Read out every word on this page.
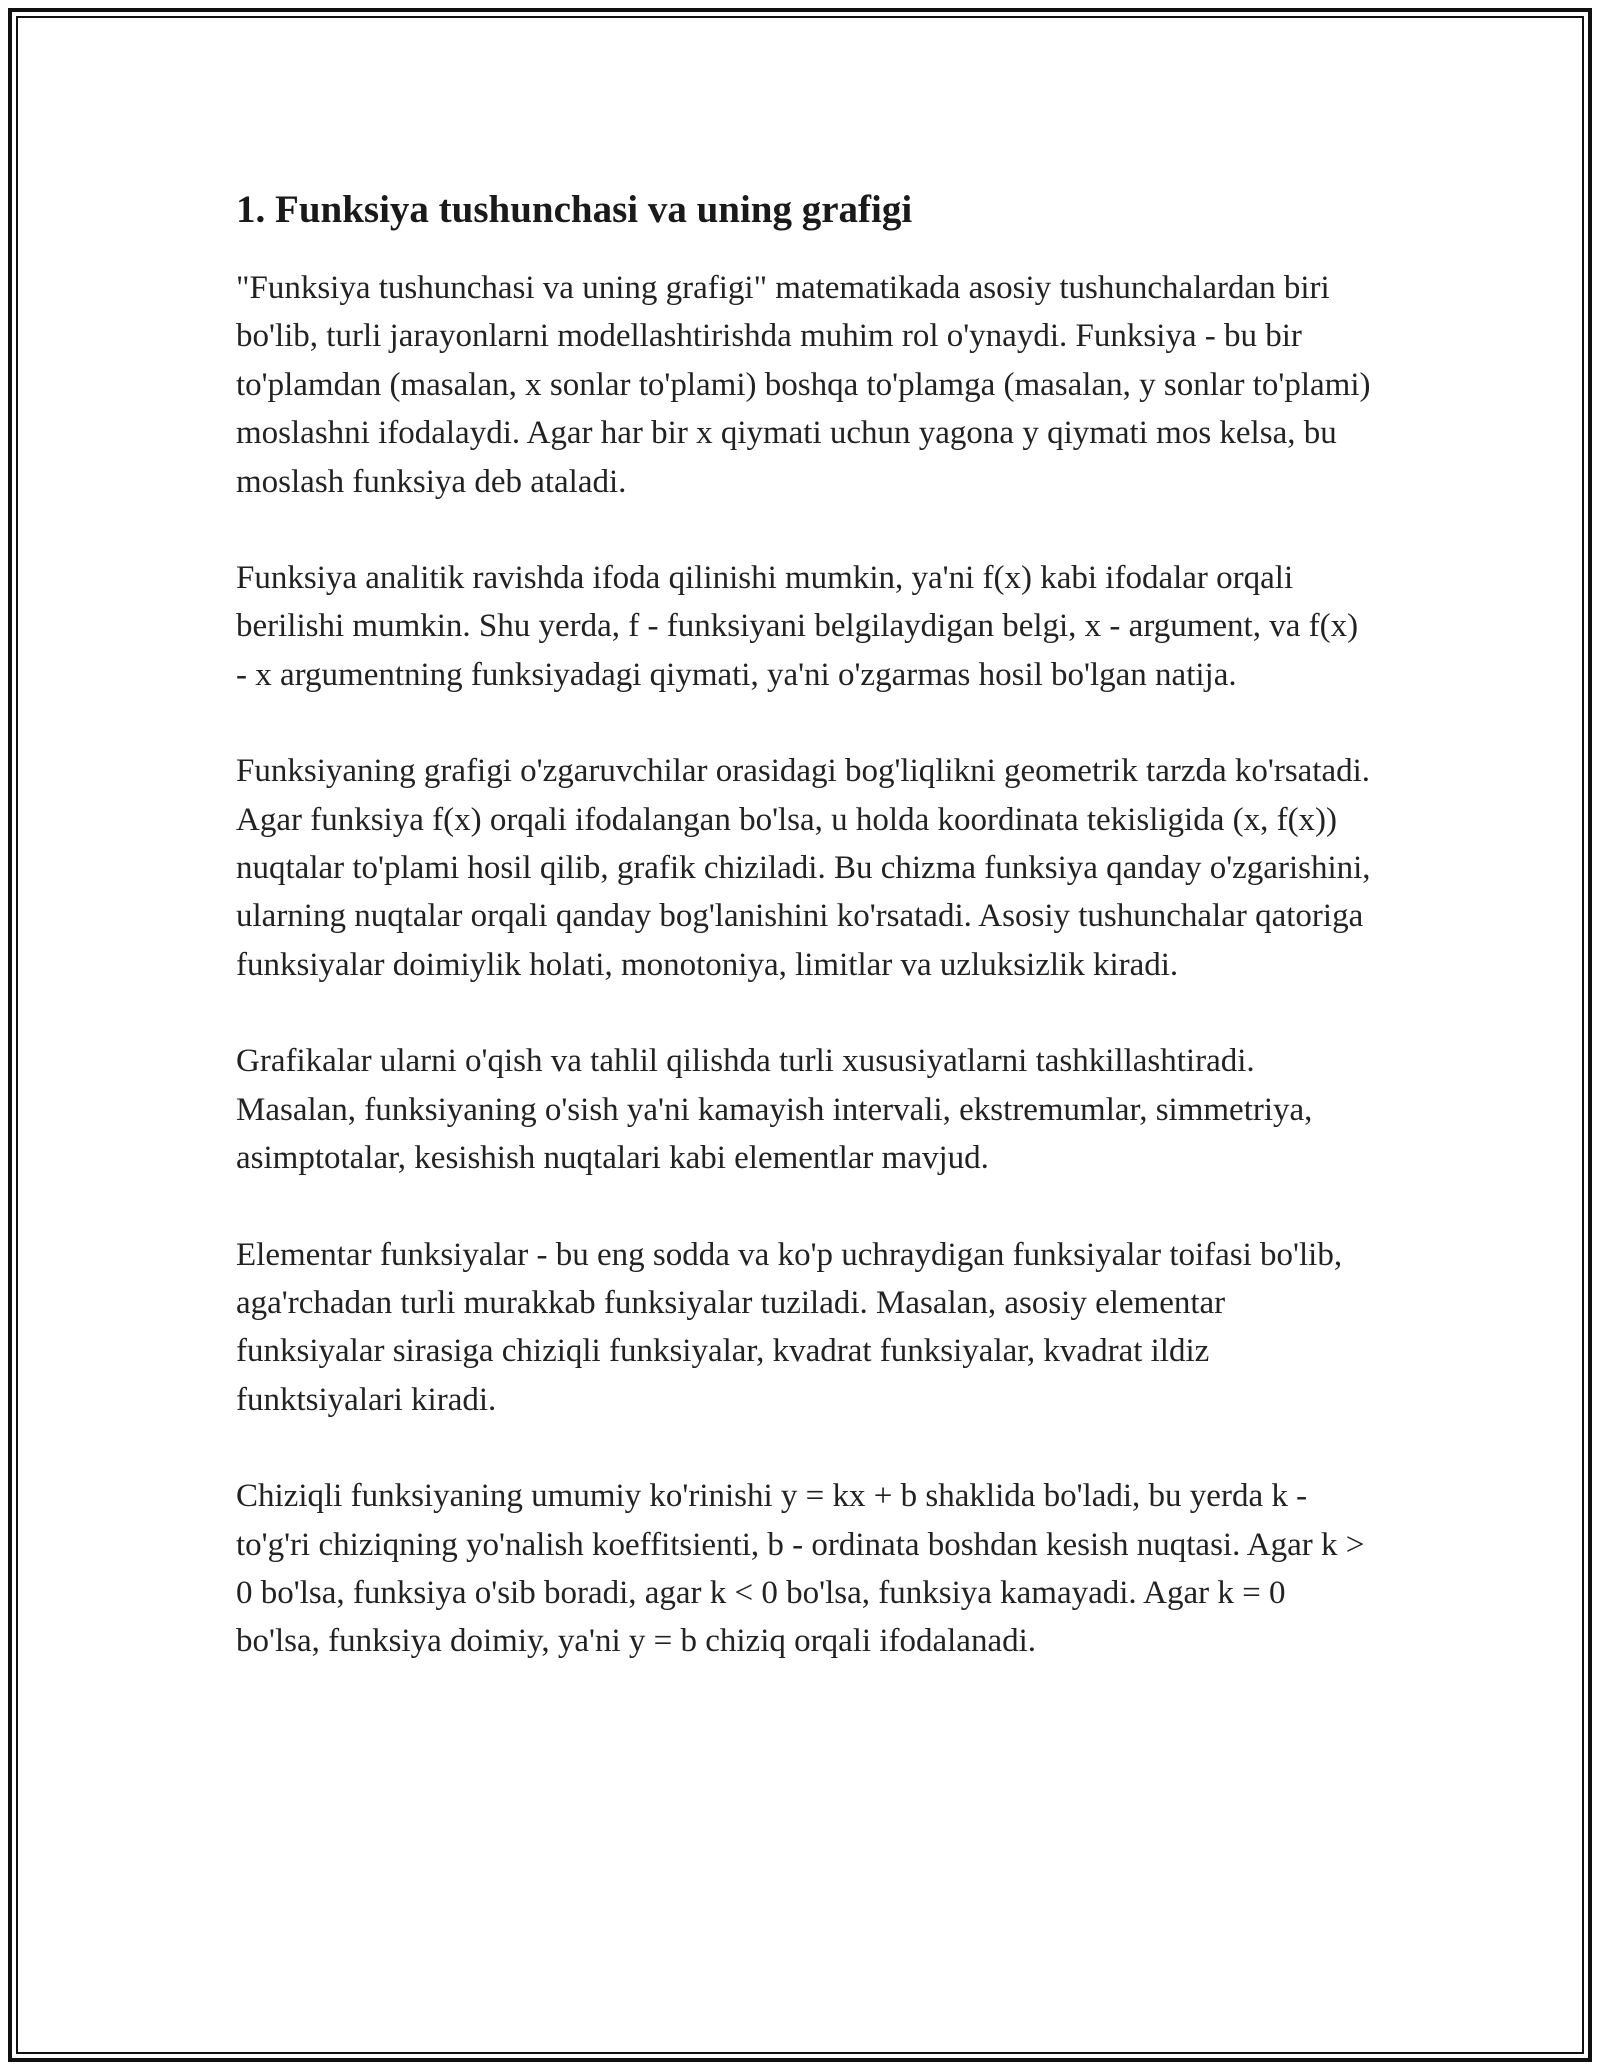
1. Funksiya tushunchasi va uning grafigi

"Funksiya tushunchasi va uning grafigi" matematikada asosiy tushunchalardan biri bo'lib, turli jarayonlarni modellashtirishda muhim rol o'ynaydi. Funksiya - bu bir to'plamdan (masalan, x sonlar to'plami) boshqa to'plamga (masalan, y sonlar to'plami) moslashni ifodalaydi. Agar har bir x qiymati uchun yagona y qiymati mos kelsa, bu moslash funksiya deb ataladi.

Funksiya analitik ravishda ifoda qilinishi mumkin, ya'ni f(x) kabi ifodalar orqali berilishi mumkin. Shu yerda, f - funksiyani belgilaydigan belgi, x - argument, va f(x) - x argumentning funksiyadagi qiymati, ya'ni o'zgarmas hosil bo'lgan natija.

Funksiyaning grafigi o'zgaruvchilar orasidagi bog'liqlikni geometrik tarzda ko'rsatadi. Agar funksiya f(x) orqali ifodalangan bo'lsa, u holda koordinata tekisligida (x, f(x)) nuqtalar to'plami hosil qilib, grafik chiziladi. Bu chizma funksiya qanday o'zgarishini, ularning nuqtalar orqali qanday bog'lanishini ko'rsatadi. Asosiy tushunchalar qatoriga funksiyalar doimiylik holati, monotoniya, limitlar va uzluksizlik kiradi.

Grafikalar ularni o'qish va tahlil qilishda turli xususiyatlarni tashkillashtiradi. Masalan, funksiyaning o'sish ya'ni kamayish intervali, ekstremumlar, simmetriya, asimptotalar, kesishish nuqtalari kabi elementlar mavjud.

Elementar funksiyalar - bu eng sodda va ko'p uchraydigan funksiyalar toifasi bo'lib, aga'rchadan turli murakkab funksiyalar tuziladi. Masalan, asosiy elementar funksiyalar sirasiga chiziqli funksiyalar, kvadrat funksiyalar, kvadrat ildiz funktsiyalari kiradi.

Chiziqli funksiyaning umumiy ko'rinishi y = kx + b shaklida bo'ladi, bu yerda k - to'g'ri chiziqning yo'nalish koeffitsienti, b - ordinata boshdan kesish nuqtasi. Agar k > 0 bo'lsa, funksiya o'sib boradi, agar k < 0 bo'lsa, funksiya kamayadi. Agar k = 0 bo'lsa, funksiya doimiy, ya'ni y = b chiziq orqali ifodalanadi.
